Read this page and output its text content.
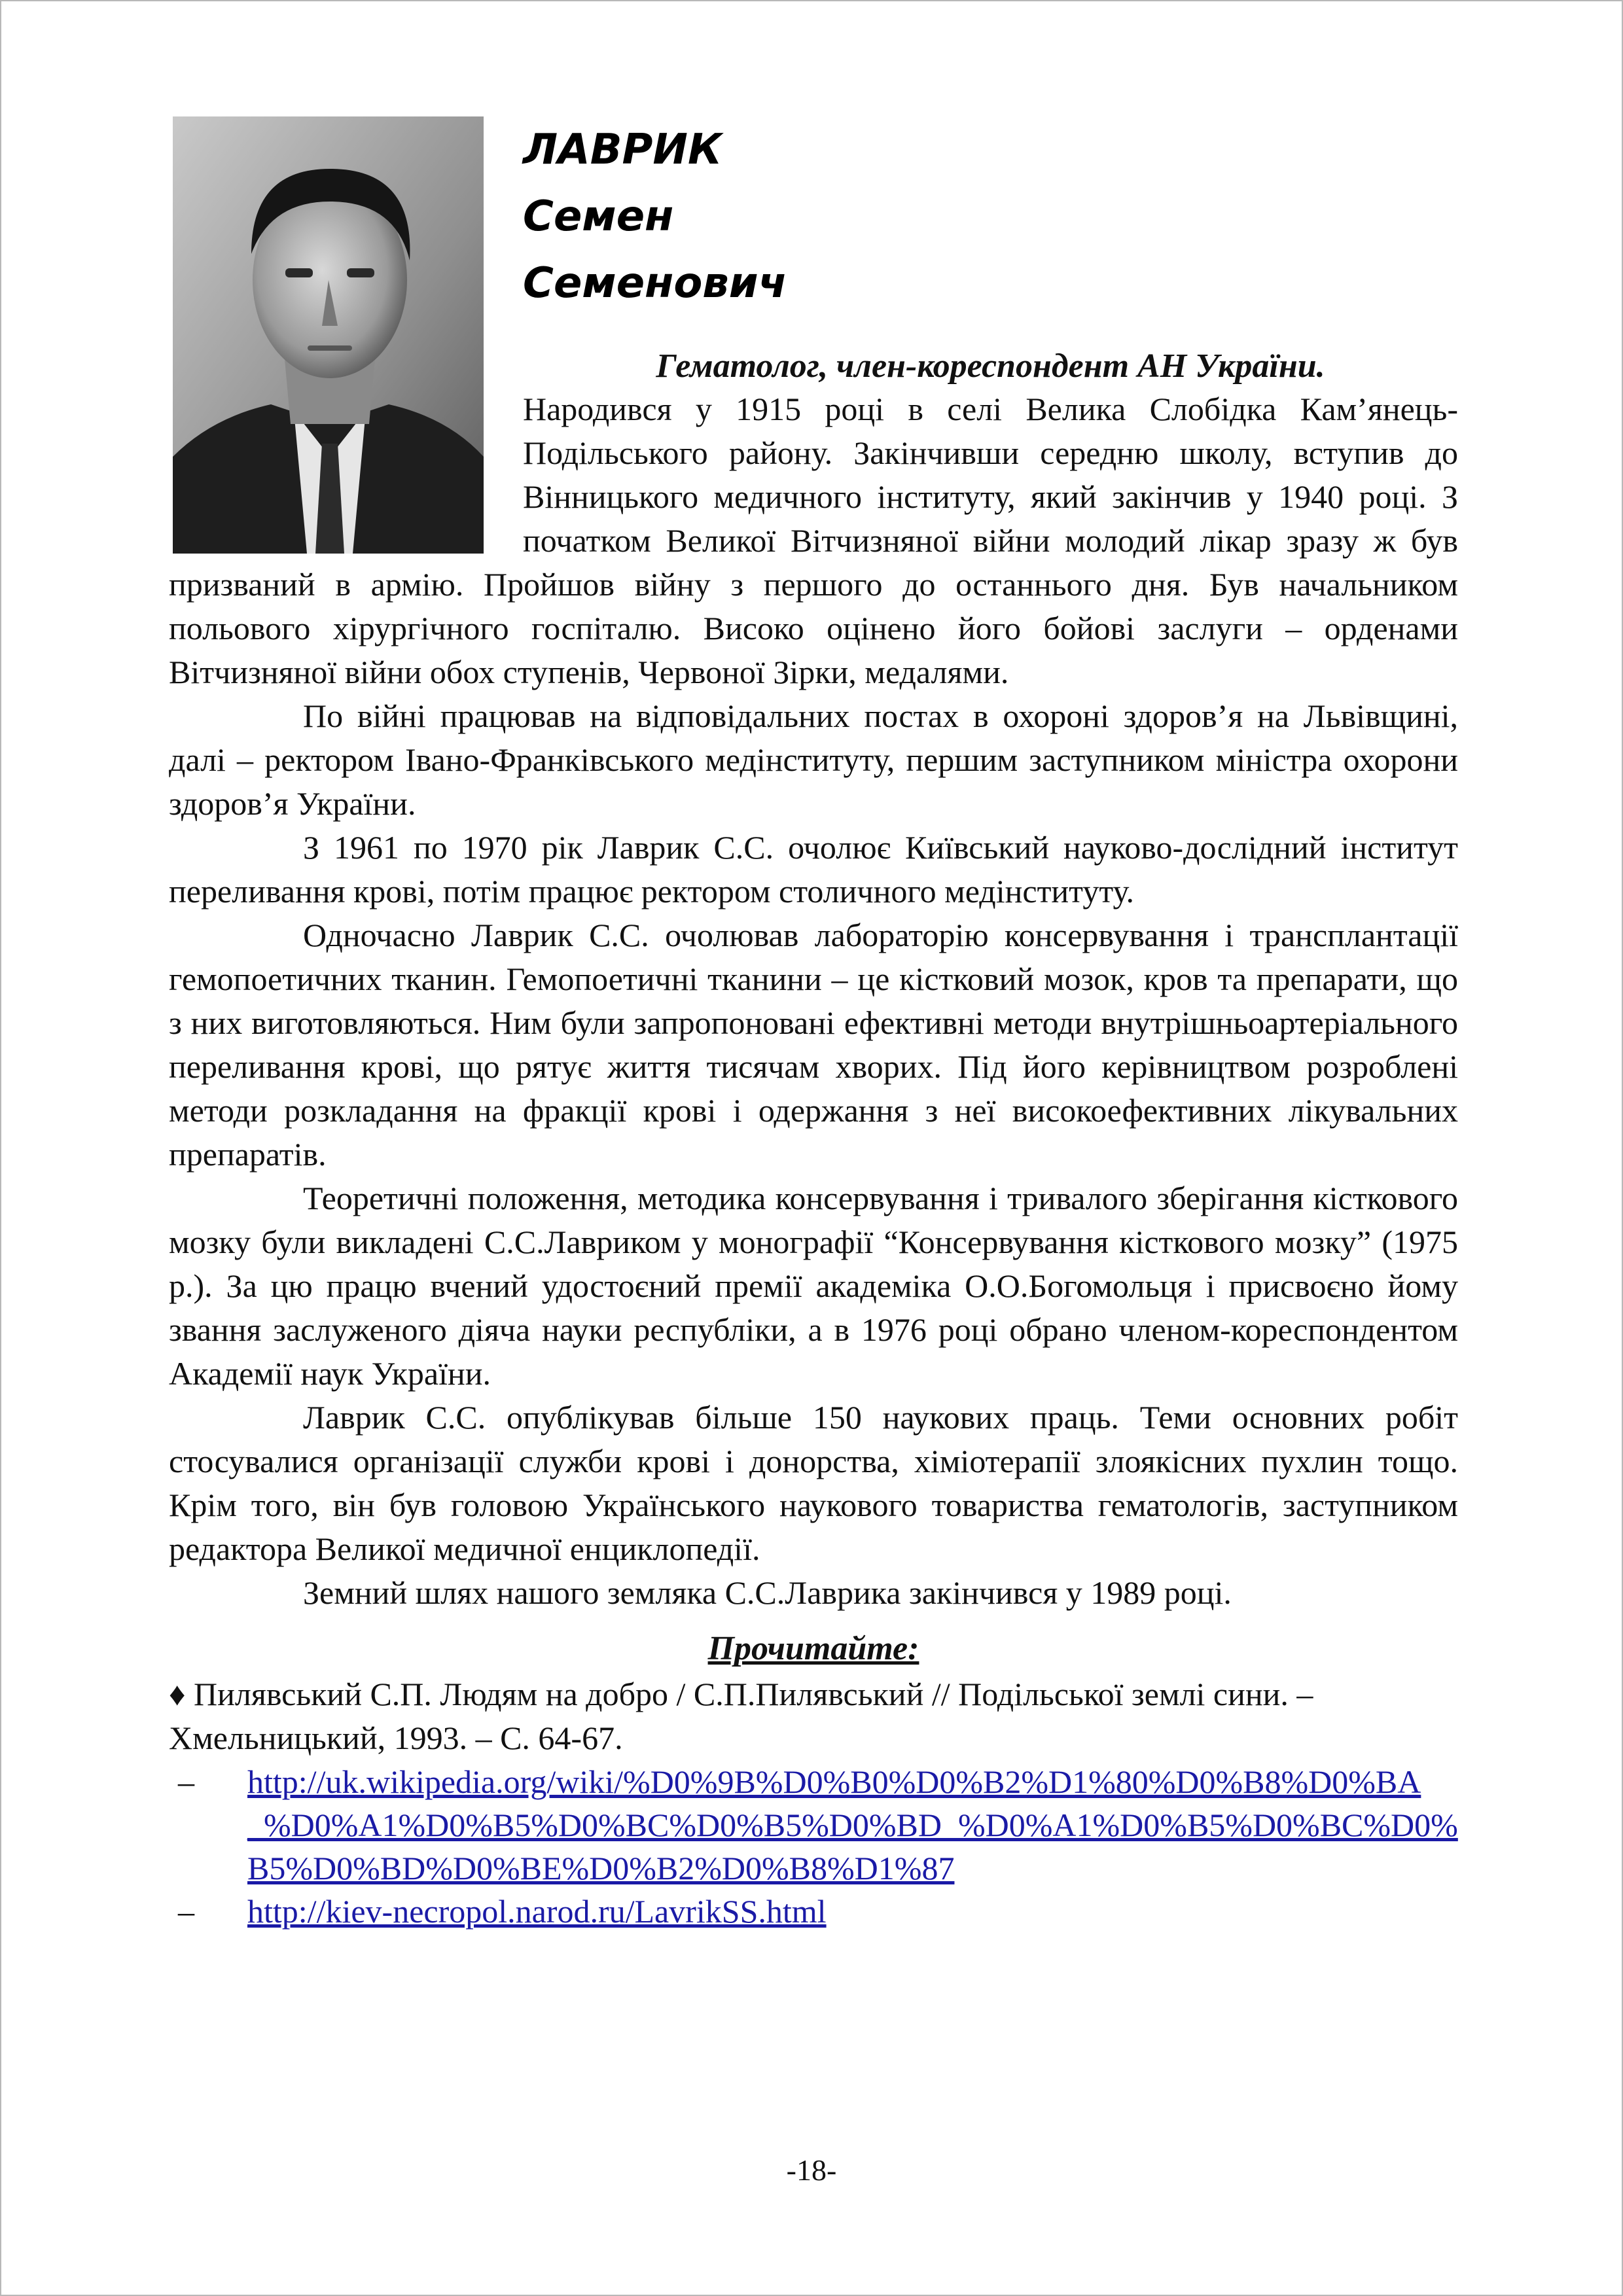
ЛАВРИК
Семен
Семенович
Гематолог, член-кореспондент АН України.

Народився у 1915 році в селі Велика Слобідка Кам’янець-Подільського району. Закінчивши середню школу, вступив до Вінницького медичного інституту, який закінчив у 1940 році. З початком Великої Вітчизняної війни молодий лікар зразу ж був призваний в армію. Пройшов війну з першого до останнього дня. Був начальником польового хірургічного госпіталю. Високо оцінено його бойові заслуги – орденами Вітчизняної війни обох ступенів, Червоної Зірки, медалями.

По війні працював на відповідальних постах в охороні здоров’я на Львівщині, далі – ректором Івано-Франківського медінституту, першим заступником міністра охорони здоров’я України.

З 1961 по 1970 рік Лаврик С.С. очолює Київський науково-дослідний інститут переливання крові, потім працює ректором столичного медінституту.

Одночасно Лаврик С.С. очолював лабораторію консервування і трансплантації гемопоетичних тканин. Гемопоетичні тканини – це кістковий мозок, кров та препарати, що з них виготовляються. Ним були запропоновані ефективні методи внутрішньоартеріального переливання крові, що рятує життя тисячам хворих. Під його керівництвом розроблені методи розкладання на фракції крові і одержання з неї високоефективних лікувальних препаратів.

Теоретичні положення, методика консервування і тривалого зберігання кісткового мозку були викладені С.С.Лавриком у монографії “Консервування кісткового мозку” (1975 р.). За цю працю вчений удостоєний премії академіка О.О.Богомольця і присвоєно йому звання заслуженого діяча науки республіки, а в 1976 році обрано членом-кореспондентом Академії наук України.

Лаврик С.С. опублікував більше 150 наукових праць. Теми основних робіт стосувалися організації служби крові і донорства, хіміотерапії злоякісних пухлин тощо. Крім того, він був головою Українського наукового товариства гематологів, заступником редактора Великої медичної енциклопедії.

Земний шлях нашого земляка С.С.Лаврика закінчився у 1989 році.

Прочитайте:

♦ Пилявський С.П. Людям на добро / С.П.Пилявський // Подільської землі сини. – Хмельницький, 1993. – С. 64-67.

–	http://uk.wikipedia.org/wiki/%D0%9B%D0%B0%D0%B2%D1%80%D0%B8%D0%BA_%D0%A1%D0%B5%D0%BC%D0%B5%D0%BD_%D0%A1%D0%B5%D0%BC%D0%B5%D0%BD%D0%BE%D0%B2%D0%B8%D1%87
–	http://kiev-necropol.narod.ru/LavrikSS.html
-18-
